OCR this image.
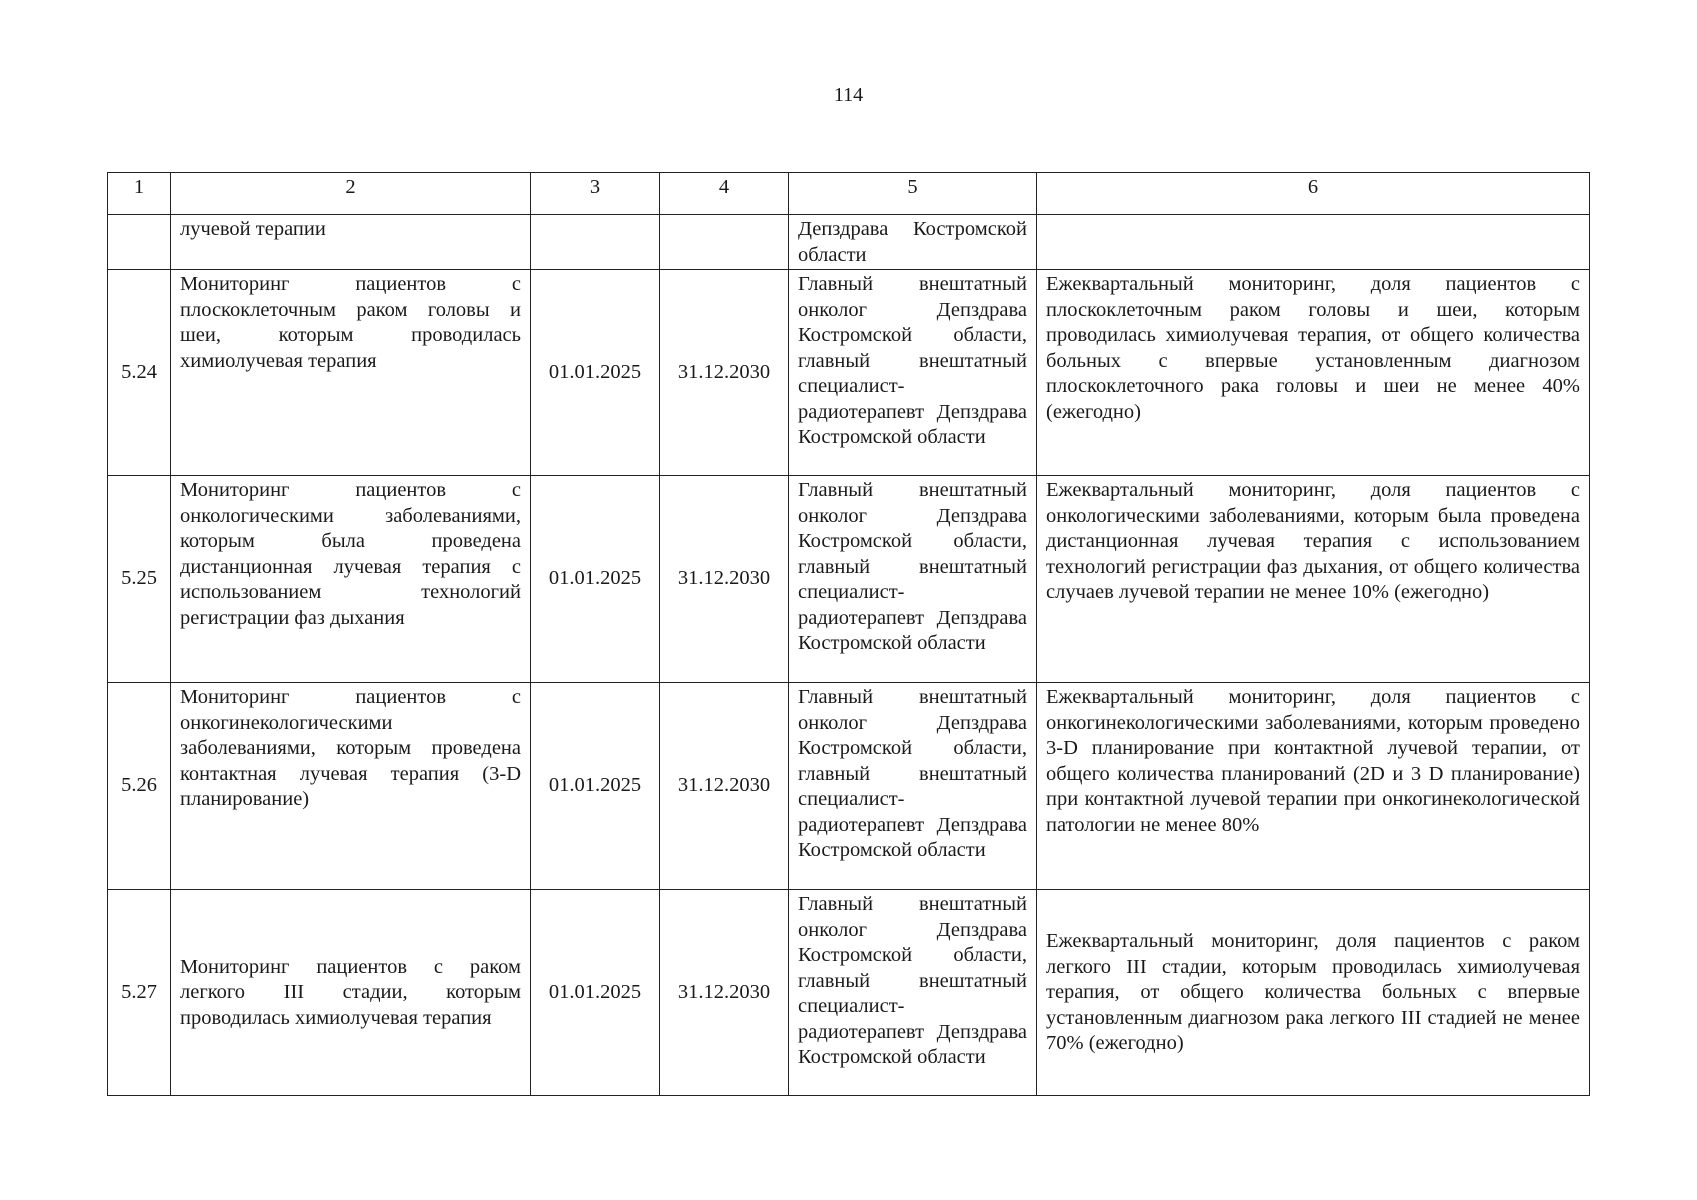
114
1	2	3	4	5	6
	лучевой терапии			Депздрава Костромской области	
5.24	Мониторинг пациентов с плоскоклеточным раком головы и шеи, которым проводилась химиолучевая терапия	01.01.2025	31.12.2030	Главный внештатный онколог Депздрава Костромской области, главный внештатный специалист-радиотерапевт Депздрава Костромской области	Ежеквартальный мониторинг, доля пациентов с плоскоклеточным раком головы и шеи, которым проводилась химиолучевая терапия, от общего количества больных с впервые установленным диагнозом плоскоклеточного рака головы и шеи не менее 40% (ежегодно)
5.25	Мониторинг пациентов с онкологическими заболеваниями, которым была проведена дистанционная лучевая терапия с использованием технологий регистрации фаз дыхания	01.01.2025	31.12.2030	Главный внештатный онколог Депздрава Костромской области, главный внештатный специалист-радиотерапевт Депздрава Костромской области	Ежеквартальный мониторинг, доля пациентов с онкологическими заболеваниями, которым была проведена дистанционная лучевая терапия с использованием технологий регистрации фаз дыхания, от общего количества случаев лучевой терапии не менее 10% (ежегодно)
5.26	Мониторинг пациентов с онкогинекологическими заболеваниями, которым проведена контактная лучевая терапия (3-D планирование)	01.01.2025	31.12.2030	Главный внештатный онколог Депздрава Костромской области, главный внештатный специалист-радиотерапевт Депздрава Костромской области	Ежеквартальный мониторинг, доля пациентов с онкогинекологическими заболеваниями, которым проведено 3-D планирование при контактной лучевой терапии, от общего количества планирований (2D и 3 D планирование) при контактной лучевой терапии при онкогинекологической патологии не менее 80%
5.27	Мониторинг пациентов с раком легкого III стадии, которым проводилась химиолучевая терапия	01.01.2025	31.12.2030	Главный внештатный онколог Депздрава Костромской области, главный внештатный специалист-радиотерапевт Депздрава Костромской области	Ежеквартальный мониторинг, доля пациентов с раком легкого III стадии, которым проводилась химиолучевая терапия, от общего количества больных с впервые установленным диагнозом рака легкого III стадией не менее 70% (ежегодно)
